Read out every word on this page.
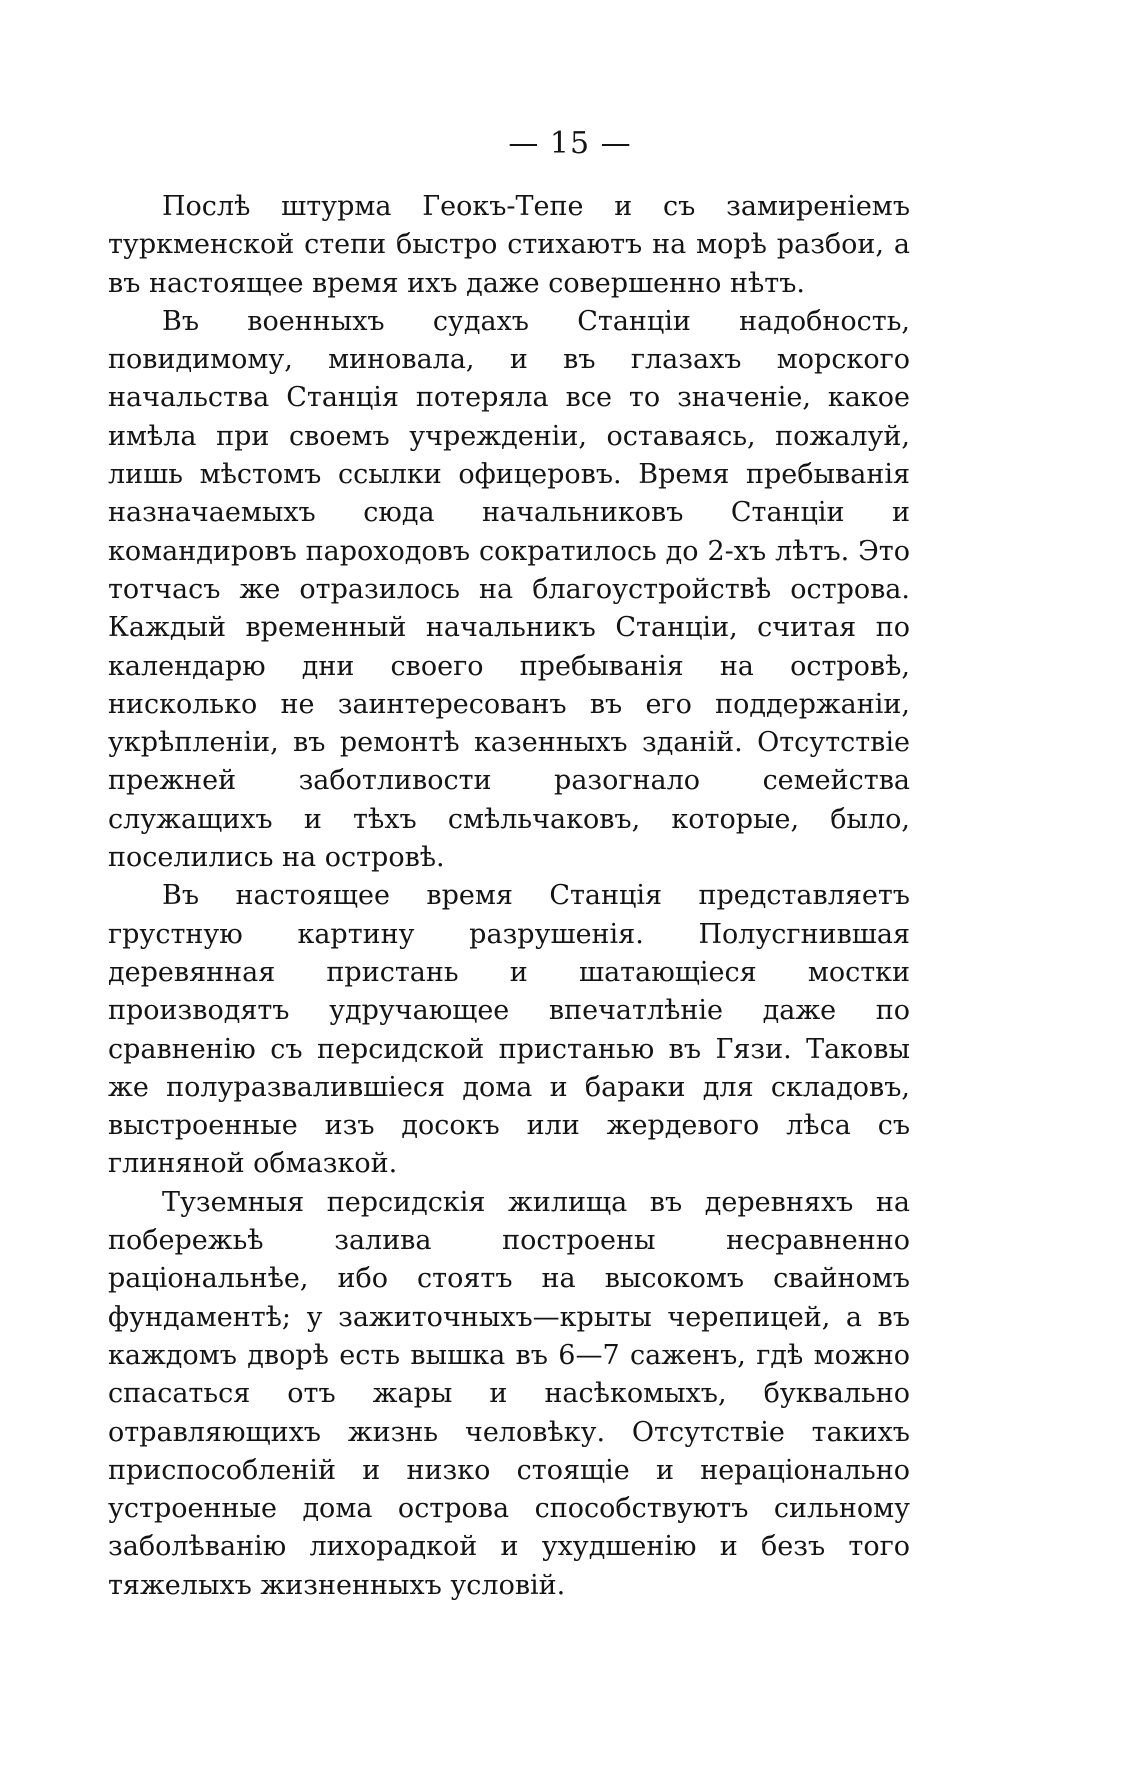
— 15 —

Послѣ штурма Геокъ-Тепе и съ замиреніемъ туркменской степи быстро стихаютъ на морѣ разбои, а въ настоящее время ихъ даже совершенно нѣтъ.

Въ военныхъ судахъ Станціи надобность, повидимому, миновала, и въ глазахъ морского начальства Станція потеряла все то значеніе, какое имѣла при своемъ учрежденіи, оставаясь, пожалуй, лишь мѣстомъ ссылки офицеровъ. Время пребыванія назначаемыхъ сюда начальниковъ Станціи и командировъ пароходовъ сократилось до 2-хъ лѣтъ. Это тотчасъ же отразилось на благоустройствѣ острова. Каждый временный начальникъ Станціи, считая по календарю дни своего пребыванія на островѣ, нисколько не заинтересованъ въ его поддержаніи, укрѣпленіи, въ ремонтѣ казенныхъ зданій. Отсутствіе прежней заботливости разогнало семейства служащихъ и тѣхъ смѣльчаковъ, которые, было, поселились на островѣ.

Въ настоящее время Станція представляетъ грустную картину разрушенія. Полусгнившая деревянная пристань и шатающіеся мостки производятъ удручающее впечатлѣніе даже по сравненію съ персидской пристанью въ Гязи. Таковы же полуразвалившіеся дома и бараки для складовъ, выстроенные изъ досокъ или жердевого лѣса съ глиняной обмазкой.

Туземныя персидскія жилища въ деревняхъ на побережьѣ залива построены несравненно раціональнѣе, ибо стоятъ на высокомъ свайномъ фундаментѣ; у зажиточныхъ—крыты черепицей, а въ каждомъ дворѣ есть вышка въ 6—7 саженъ, гдѣ можно спасаться отъ жары и насѣкомыхъ, буквально отравляющихъ жизнь человѣку. Отсутствіе такихъ приспособленій и низко стоящіе и нераціонально устроенные дома острова способствуютъ сильному заболѣванію лихорадкой и ухудшенію и безъ того тяжелыхъ жизненныхъ условій.
